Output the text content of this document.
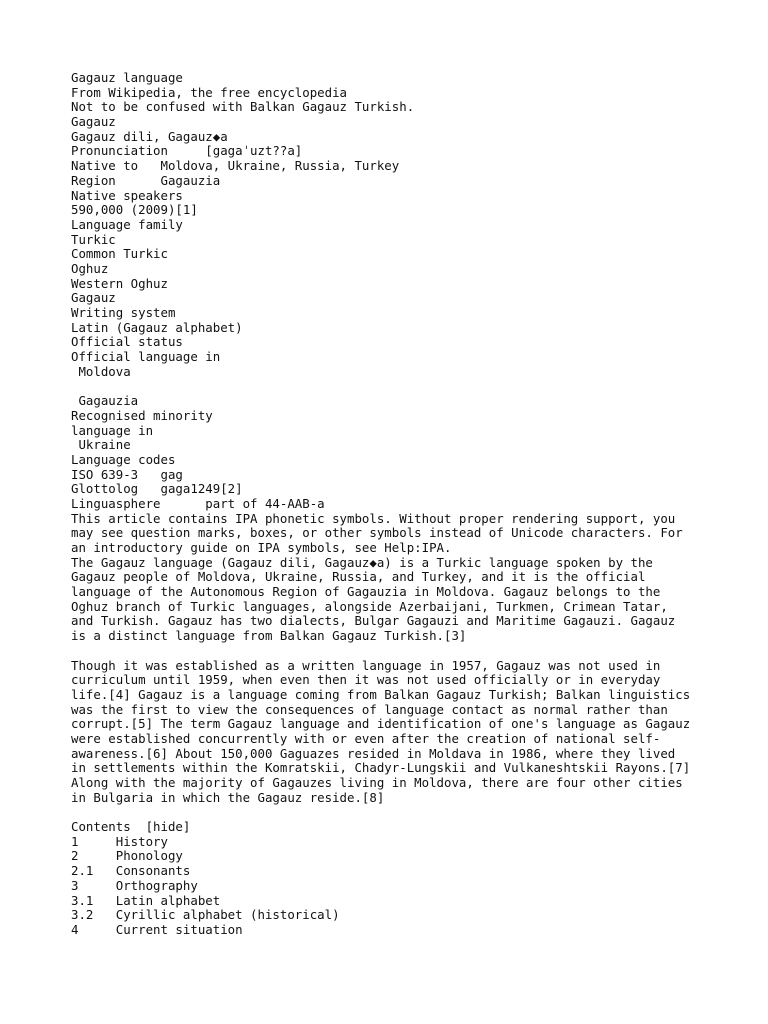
Gagauz language
From Wikipedia, the free encyclopedia
Not to be confused with Balkan Gagauz Turkish.
Gagauz
Gagauz dili, Gagauz◆a
Pronunciation     [gagaˈuzt??a]
Native to   Moldova, Ukraine, Russia, Turkey
Region      Gagauzia
Native speakers
590,000 (2009)[1]
Language family
Turkic
Common Turkic
Oghuz
Western Oghuz
Gagauz
Writing system
Latin (Gagauz alphabet)
Official status
Official language in
Moldova
Gagauzia
Recognised minority
language in
Ukraine
Language codes
ISO 639-3   gag
Glottolog   gaga1249[2]
Linguasphere      part of 44-AAB-a
This article contains IPA phonetic symbols. Without proper rendering support, you
may see question marks, boxes, or other symbols instead of Unicode characters. For
an introductory guide on IPA symbols, see Help:IPA.
The Gagauz language (Gagauz dili, Gagauz◆a) is a Turkic language spoken by the
Gagauz people of Moldova, Ukraine, Russia, and Turkey, and it is the official
language of the Autonomous Region of Gagauzia in Moldova. Gagauz belongs to the
Oghuz branch of Turkic languages, alongside Azerbaijani, Turkmen, Crimean Tatar,
and Turkish. Gagauz has two dialects, Bulgar Gagauzi and Maritime Gagauzi. Gagauz
is a distinct language from Balkan Gagauz Turkish.[3]
Though it was established as a written language in 1957, Gagauz was not used in
curriculum until 1959, when even then it was not used officially or in everyday
life.[4] Gagauz is a language coming from Balkan Gagauz Turkish; Balkan linguistics
was the first to view the consequences of language contact as normal rather than
corrupt.[5] The term Gagauz language and identification of one's language as Gagauz
were established concurrently with or even after the creation of national self-
awareness.[6] About 150,000 Gaguazes resided in Moldava in 1986, where they lived
in settlements within the Komratskii, Chadyr-Lungskii and Vulkaneshtskii Rayons.[7]
Along with the majority of Gagauzes living in Moldova, there are four other cities
in Bulgaria in which the Gagauz reside.[8]
Contents  [hide]
1     History
2     Phonology
2.1   Consonants
3     Orthography
3.1   Latin alphabet
3.2   Cyrillic alphabet (historical)
4     Current situation
